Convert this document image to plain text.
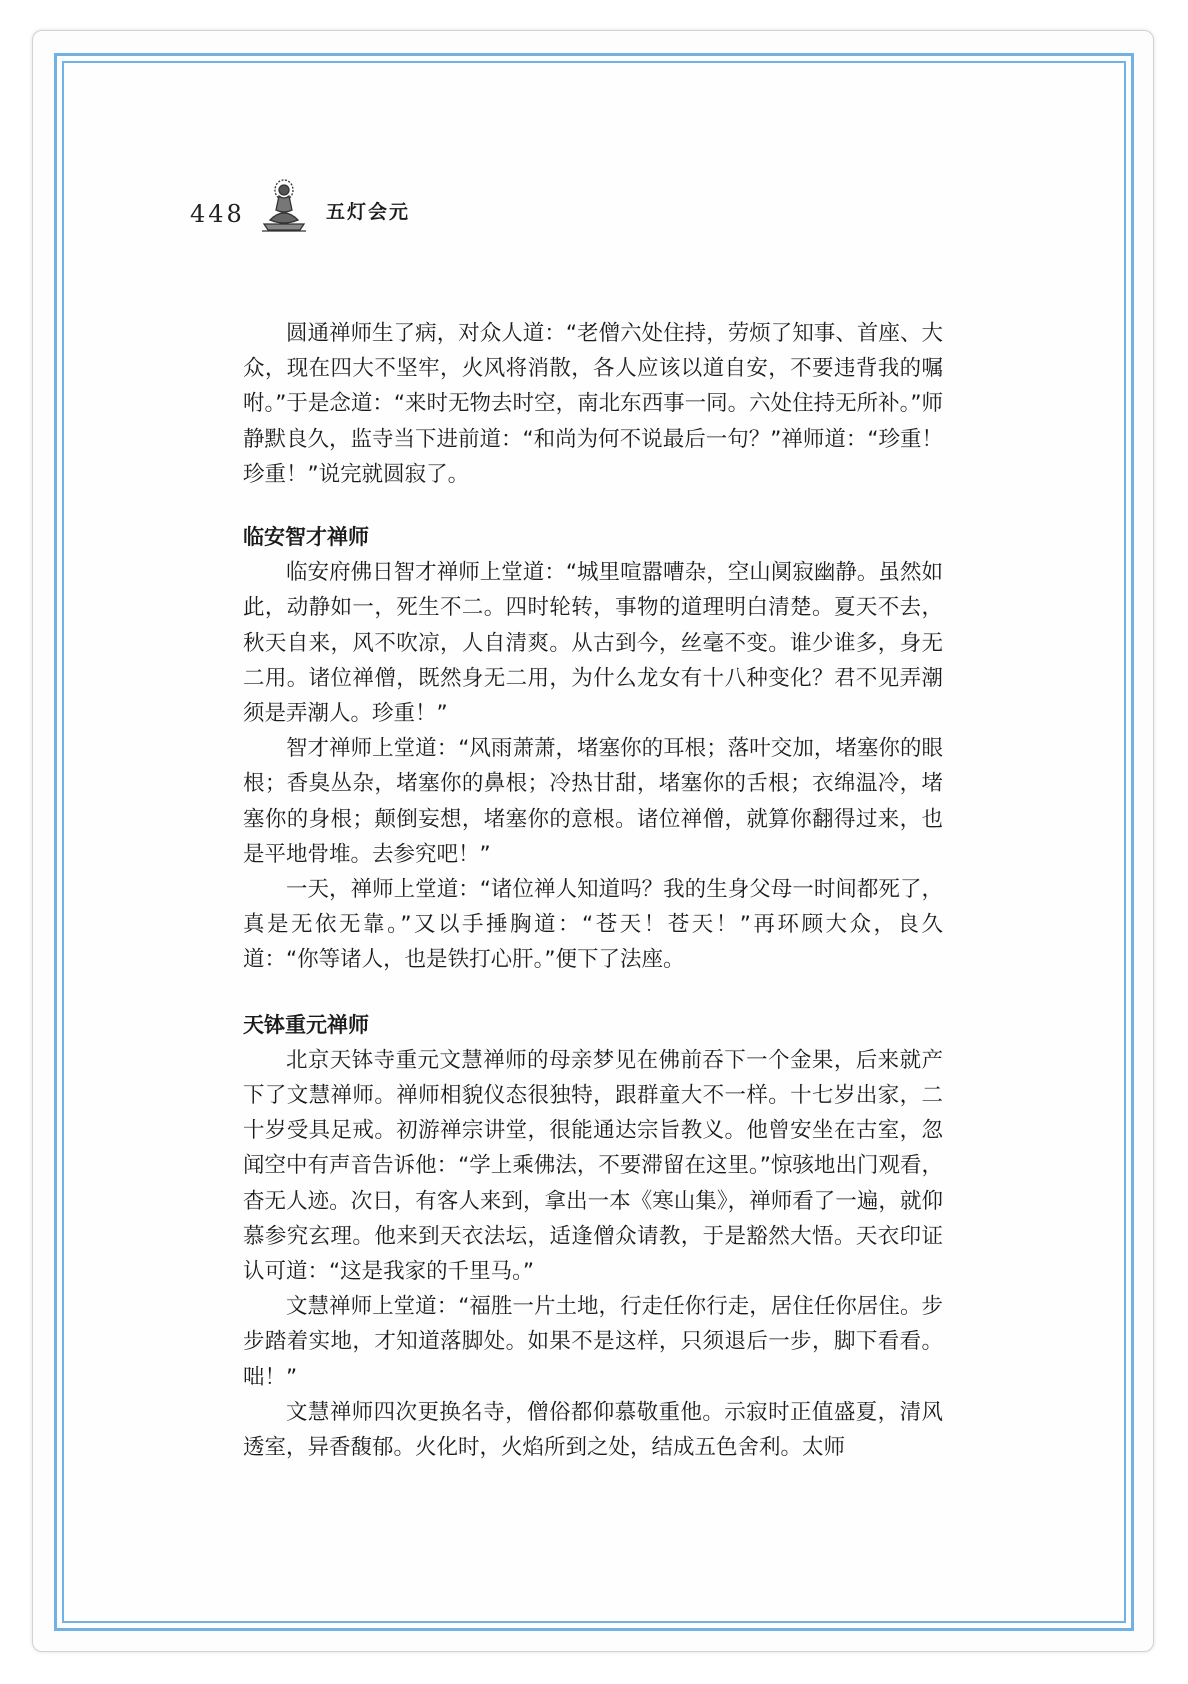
448	五灯会元

圆通禅师生了病，对众人道：“老僧六处住持，劳烦了知事、首座、大众，现在四大不坚牢，火风将消散，各人应该以道自安，不要违背我的嘱咐。”于是念道：“来时无物去时空，南北东西事一同。六处住持无所补。”师静默良久，监寺当下进前道：“和尚为何不说最后一句？”禅师道：“珍重！珍重！”说完就圆寂了。

临安智才禅师

临安府佛日智才禅师上堂道：“城里喧嚣嘈杂，空山阒寂幽静。虽然如此，动静如一，死生不二。四时轮转，事物的道理明白清楚。夏天不去，秋天自来，风不吹凉，人自清爽。从古到今，丝毫不变。谁少谁多，身无二用。诸位禅僧，既然身无二用，为什么龙女有十八种变化？君不见弄潮须是弄潮人。珍重！”

智才禅师上堂道：“风雨萧萧，堵塞你的耳根；落叶交加，堵塞你的眼根；香臭丛杂，堵塞你的鼻根；冷热甘甜，堵塞你的舌根；衣绵温冷，堵塞你的身根；颠倒妄想，堵塞你的意根。诸位禅僧，就算你翻得过来，也是平地骨堆。去参究吧！”

一天，禅师上堂道：“诸位禅人知道吗？我的生身父母一时间都死了，真是无依无靠。”又以手捶胸道：“苍天！苍天！”再环顾大众，良久道：“你等诸人，也是铁打心肝。”便下了法座。

天钵重元禅师

北京天钵寺重元文慧禅师的母亲梦见在佛前吞下一个金果，后来就产下了文慧禅师。禅师相貌仪态很独特，跟群童大不一样。十七岁出家，二十岁受具足戒。初游禅宗讲堂，很能通达宗旨教义。他曾安坐在古室，忽闻空中有声音告诉他：“学上乘佛法，不要滞留在这里。”惊骇地出门观看，杳无人迹。次日，有客人来到，拿出一本《寒山集》，禅师看了一遍，就仰慕参究玄理。他来到天衣法坛，适逢僧众请教，于是豁然大悟。天衣印证认可道：“这是我家的千里马。”

文慧禅师上堂道：“福胜一片土地，行走任你行走，居住任你居住。步步踏着实地，才知道落脚处。如果不是这样，只须退后一步，脚下看看。咄！”

文慧禅师四次更换名寺，僧俗都仰慕敬重他。示寂时正值盛夏，清风透室，异香馥郁。火化时，火焰所到之处，结成五色舍利。太师
